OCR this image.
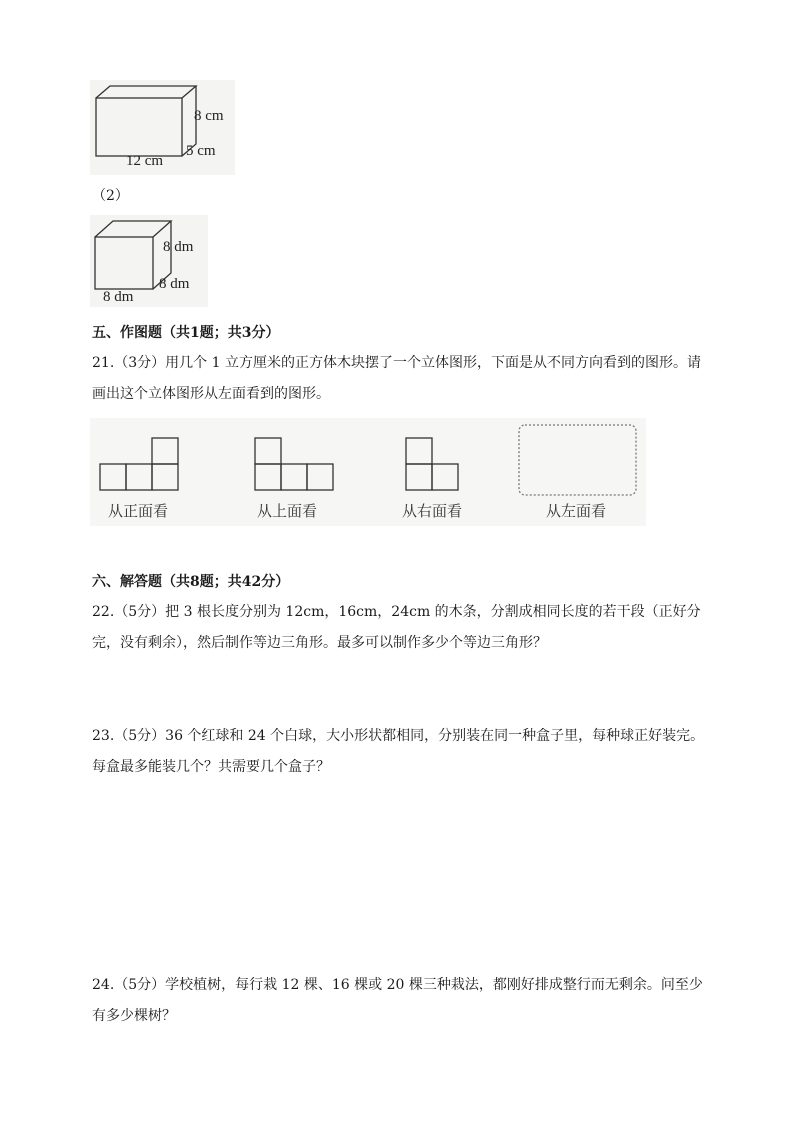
8 cm
5 cm
12 cm
（2）
8 dm
8 dm
8 dm
五、作图题（共1题；共3分）
21.（3分）用几个 1 立方厘米的正方体木块摆了一个立体图形，下面是从不同方向看到的图形。请画出这个立体图形从左面看到的图形。
从正面看	从上面看	从右面看	从左面看
六、解答题（共8题；共42分）
22.（5分）把 3 根长度分别为 12cm，16cm，24cm 的木条，分割成相同长度的若干段（正好分完，没有剩余），然后制作等边三角形。最多可以制作多少个等边三角形？
23.（5分）36 个红球和 24 个白球，大小形状都相同，分别装在同一种盒子里，每种球正好装完。每盒最多能装几个？共需要几个盒子？
24.（5分）学校植树，每行栽 12 棵、16 棵或 20 棵三种栽法，都刚好排成整行而无剩余。问至少有多少棵树？
